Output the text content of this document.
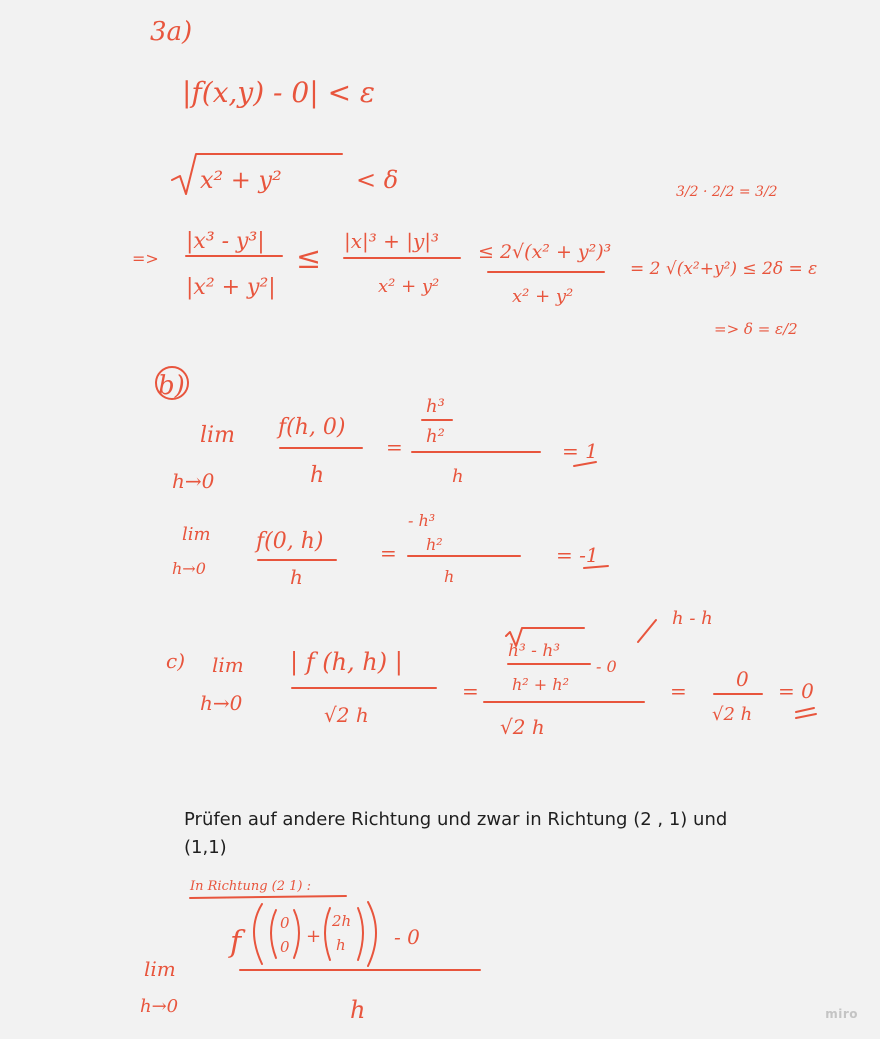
3a)
|f(x,y) - 0| < ε
x² + y²	< δ	3/2 · 2/2 = 3/2
=>
|x³ - y³|
|x² + y²|
≤ |x|³ + |y|³
x² + y²
≤ 2√(x² + y²)³
x² + y²
= 2 √(x²+y²) ≤ 2δ = ε
=> δ = ε/2
b)
lim
h→0
f(h, 0)
h
=
h³
h²
h
= 1
lim
h→0
f(0, h)
h
=
- h³
h²
h
= -1
c) lim
h→0
| f (h, h) |
√2 h
h - h
=
h³ - h³
h² + h²
- 0
√2 h
= 0
√2 h
= 0
In Richtung (2 1) :
lim
h→0
f
0
0 +
2h
h - 0
h
Prüfen auf andere Richtung und zwar in Richtung (2 , 1) und (1,1)
miro
